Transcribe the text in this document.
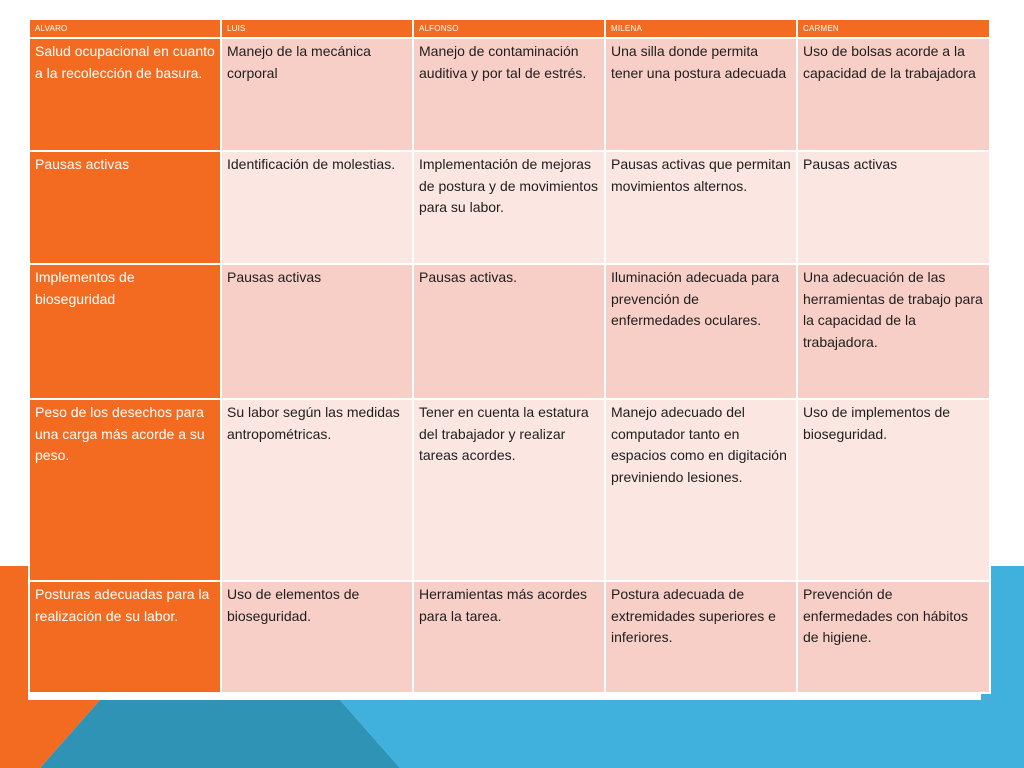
ALVARO	LUIS	ALFONSO	MILENA	CARMEN
Salud ocupacional en cuanto a la recolección de basura.	Manejo de la mecánica corporal	Manejo de contaminación auditiva y por tal de estrés.	Una silla donde permita tener una postura adecuada	Uso de bolsas acorde a la capacidad de la trabajadora
Pausas activas	Identificación de molestias.	Implementación de mejoras de postura y de movimientos para su labor.	Pausas activas que permitan movimientos alternos.	Pausas activas
Implementos de bioseguridad	Pausas activas	Pausas activas.	Iluminación adecuada para prevención de enfermedades oculares.	Una adecuación de las herramientas de trabajo para la capacidad de la trabajadora.
Peso de los desechos para una carga más acorde a su peso.	Su labor según las medidas antropométricas.	Tener en cuenta la estatura del trabajador y realizar tareas acordes.	Manejo adecuado del computador tanto en espacios como en digitación previniendo lesiones.	Uso de implementos de bioseguridad.
Posturas adecuadas para la realización de su labor.	Uso de elementos de bioseguridad.	Herramientas más acordes para la tarea.	Postura adecuada de extremidades superiores e inferiores.	Prevención de enfermedades con hábitos de higiene.
